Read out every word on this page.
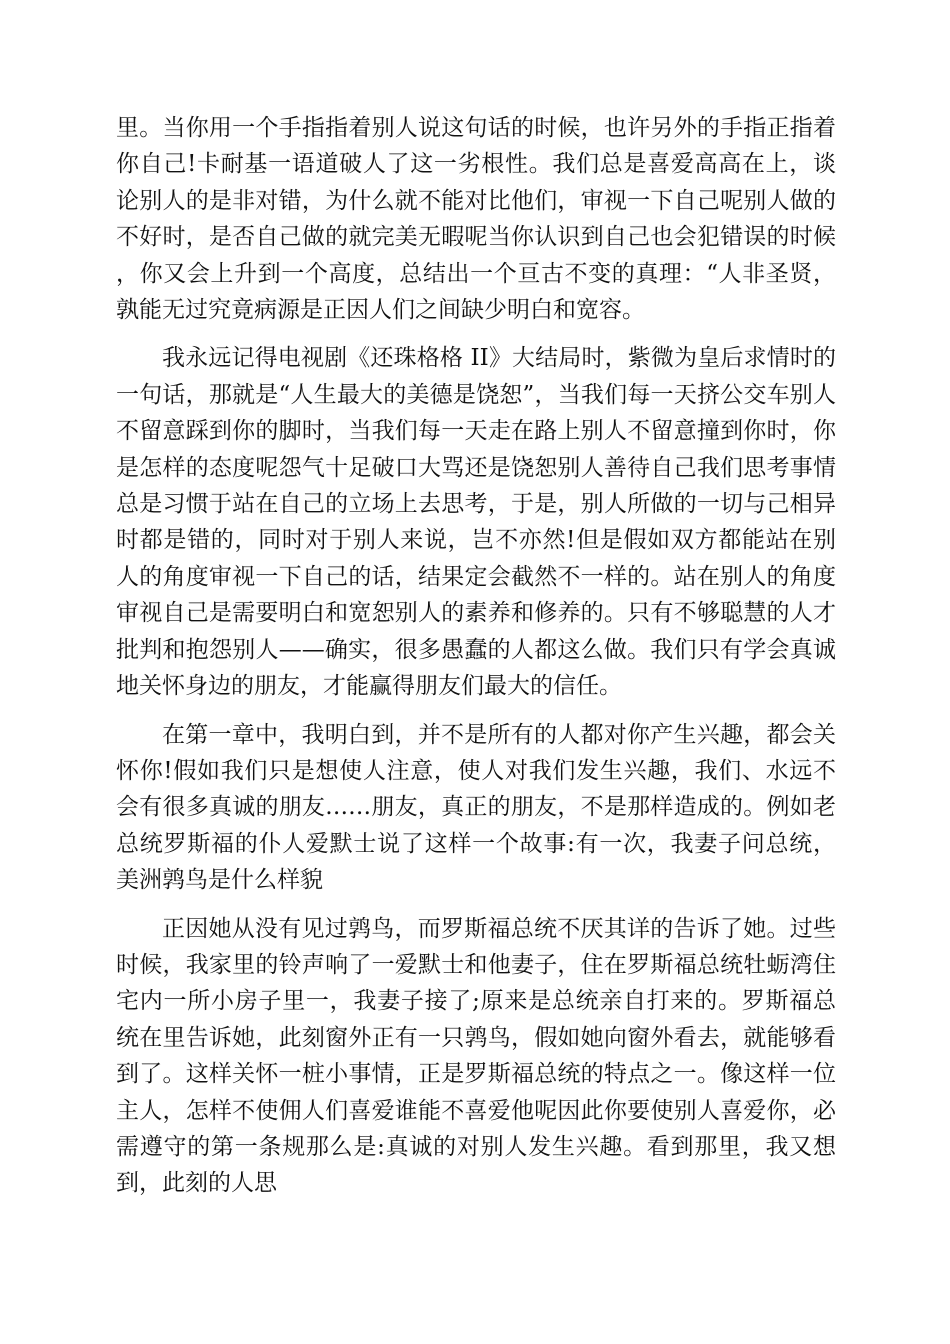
里。当你用一个手指指着别人说这句话的时候，也许另外的手指正指着你自己!卡耐基一语道破人了这一劣根性。我们总是喜爱高高在上，谈论别人的是非对错，为什么就不能对比他们，审视一下自己呢别人做的不好时，是否自己做的就完美无暇呢当你认识到自己也会犯错误的时候，你又会上升到一个高度，总结出一个亘古不变的真理：“人非圣贤，孰能无过究竟病源是正因人们之间缺少明白和宽容。

我永远记得电视剧《还珠格格 II》大结局时，紫微为皇后求情时的一句话，那就是“人生最大的美德是饶恕”，当我们每一天挤公交车别人不留意踩到你的脚时，当我们每一天走在路上别人不留意撞到你时，你是怎样的态度呢怨气十足破口大骂还是饶恕别人善待自己我们思考事情总是习惯于站在自己的立场上去思考，于是，别人所做的一切与己相异时都是错的，同时对于别人来说，岂不亦然!但是假如双方都能站在别人的角度审视一下自己的话，结果定会截然不一样的。站在别人的角度审视自己是需要明白和宽恕别人的素养和修养的。只有不够聪慧的人才批判和抱怨别人——确实，很多愚蠢的人都这么做。我们只有学会真诚地关怀身边的朋友，才能赢得朋友们最大的信任。

在第一章中，我明白到，并不是所有的人都对你产生兴趣，都会关怀你!假如我们只是想使人注意，使人对我们发生兴趣，我们、水远不会有很多真诚的朋友……朋友，真正的朋友，不是那样造成的。例如老总统罗斯福的仆人爱默士说了这样一个故事:有一次，我妻子问总统，美洲鹑鸟是什么样貌

正因她从没有见过鹑鸟，而罗斯福总统不厌其详的告诉了她。过些时候，我家里的铃声响了一爱默士和他妻子，住在罗斯福总统牡蛎湾住宅内一所小房子里一，我妻子接了;原来是总统亲自打来的。罗斯福总统在里告诉她，此刻窗外正有一只鹑鸟，假如她向窗外看去，就能够看到了。这样关怀一桩小事情，正是罗斯福总统的特点之一。像这样一位主人，怎样不使佣人们喜爱谁能不喜爱他呢因此你要使别人喜爱你，必需遵守的第一条规那么是:真诚的对别人发生兴趣。看到那里，我又想到，此刻的人思
